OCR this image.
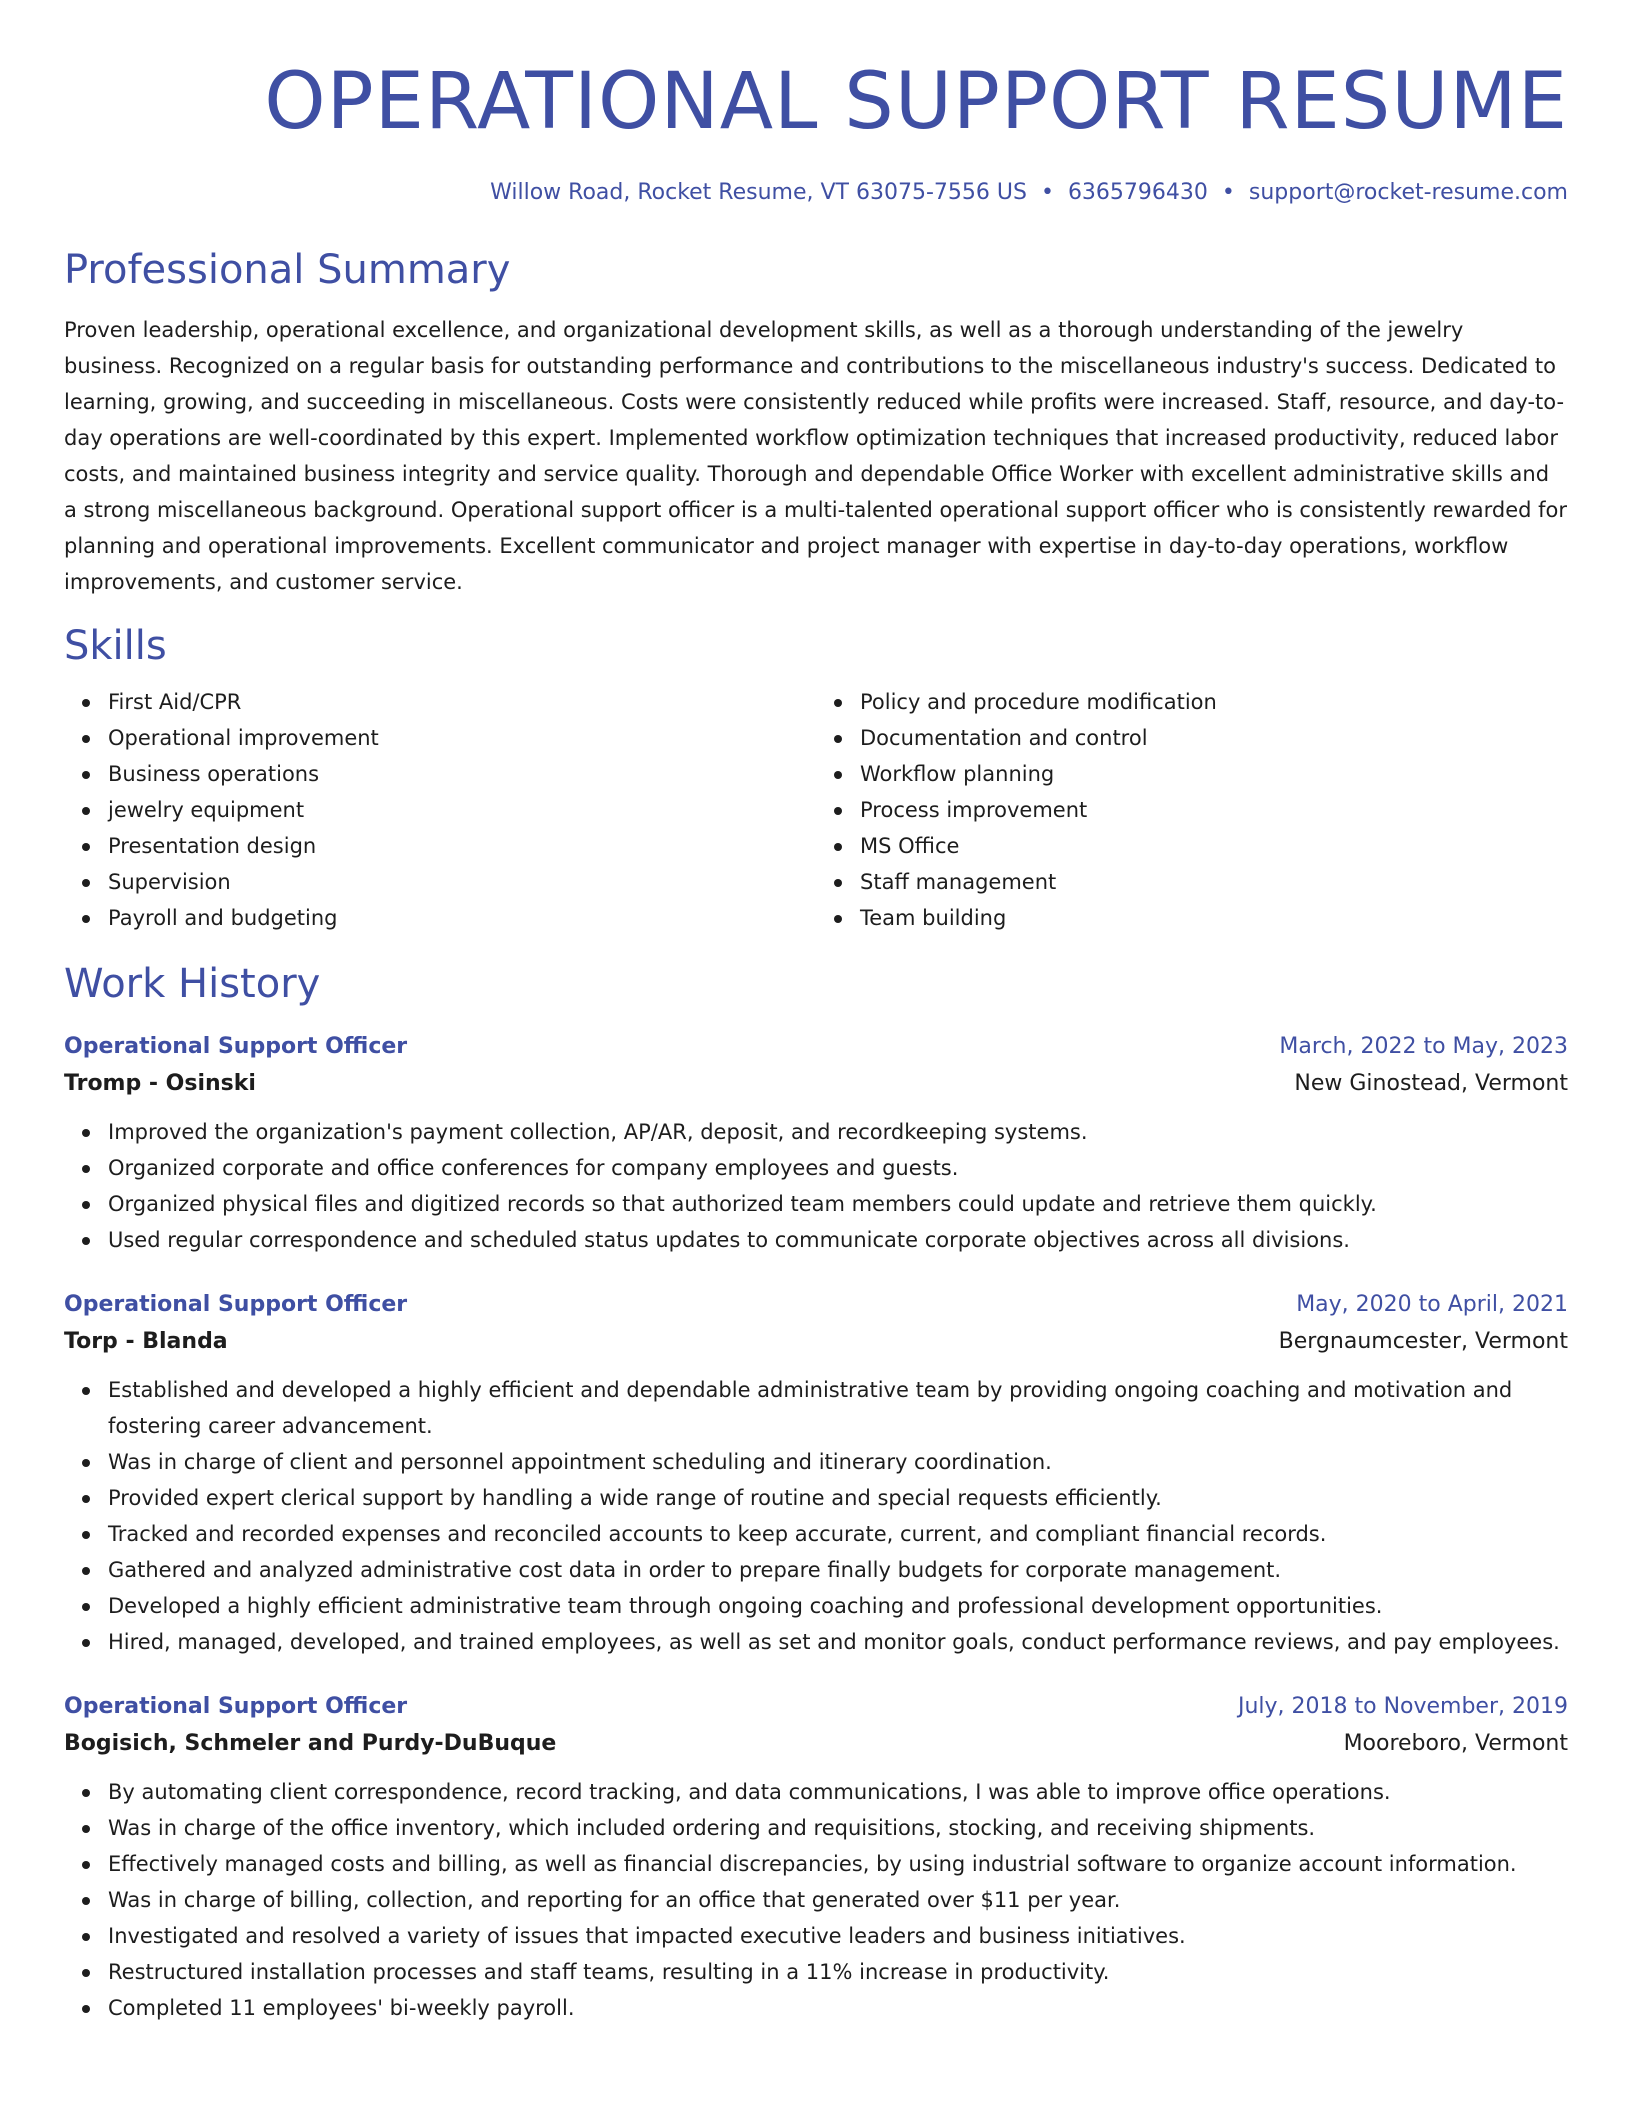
OPERATIONAL SUPPORT RESUME
Willow Road, Rocket Resume, VT 63075-7556 US • 6365796430 • support@rocket-resume.com
Professional Summary

Proven leadership, operational excellence, and organizational development skills, as well as a thorough understanding of the jewelry business. Recognized on a regular basis for outstanding performance and contributions to the miscellaneous industry's success. Dedicated to learning, growing, and succeeding in miscellaneous. Costs were consistently reduced while profits were increased. Staff, resource, and day-to-day operations are well-coordinated by this expert. Implemented workflow optimization techniques that increased productivity, reduced labor costs, and maintained business integrity and service quality. Thorough and dependable Office Worker with excellent administrative skills and a strong miscellaneous background. Operational support officer is a multi-talented operational support officer who is consistently rewarded for planning and operational improvements. Excellent communicator and project manager with expertise in day-to-day operations, workflow improvements, and customer service.

Skills
First Aid/CPR
Operational improvement
Business operations
jewelry equipment
Presentation design
Supervision
Payroll and budgeting
Policy and procedure modification
Documentation and control
Workflow planning
Process improvement
MS Office
Staff management
Team building
Work History
Operational Support Officer	March, 2022 to May, 2023
Tromp - Osinski	New Ginostead, Vermont
Improved the organization's payment collection, AP/AR, deposit, and recordkeeping systems.
Organized corporate and office conferences for company employees and guests.
Organized physical files and digitized records so that authorized team members could update and retrieve them quickly.
Used regular correspondence and scheduled status updates to communicate corporate objectives across all divisions.
Operational Support Officer	May, 2020 to April, 2021
Torp - Blanda	Bergnaumcester, Vermont
Established and developed a highly efficient and dependable administrative team by providing ongoing coaching and motivation and fostering career advancement.
Was in charge of client and personnel appointment scheduling and itinerary coordination.
Provided expert clerical support by handling a wide range of routine and special requests efficiently.
Tracked and recorded expenses and reconciled accounts to keep accurate, current, and compliant financial records.
Gathered and analyzed administrative cost data in order to prepare finally budgets for corporate management.
Developed a highly efficient administrative team through ongoing coaching and professional development opportunities.
Hired, managed, developed, and trained employees, as well as set and monitor goals, conduct performance reviews, and pay employees.
Operational Support Officer	July, 2018 to November, 2019
Bogisich, Schmeler and Purdy-DuBuque	Mooreboro, Vermont
By automating client correspondence, record tracking, and data communications, I was able to improve office operations.
Was in charge of the office inventory, which included ordering and requisitions, stocking, and receiving shipments.
Effectively managed costs and billing, as well as financial discrepancies, by using industrial software to organize account information.
Was in charge of billing, collection, and reporting for an office that generated over $11 per year.
Investigated and resolved a variety of issues that impacted executive leaders and business initiatives.
Restructured installation processes and staff teams, resulting in a 11% increase in productivity.
Completed 11 employees' bi-weekly payroll.
